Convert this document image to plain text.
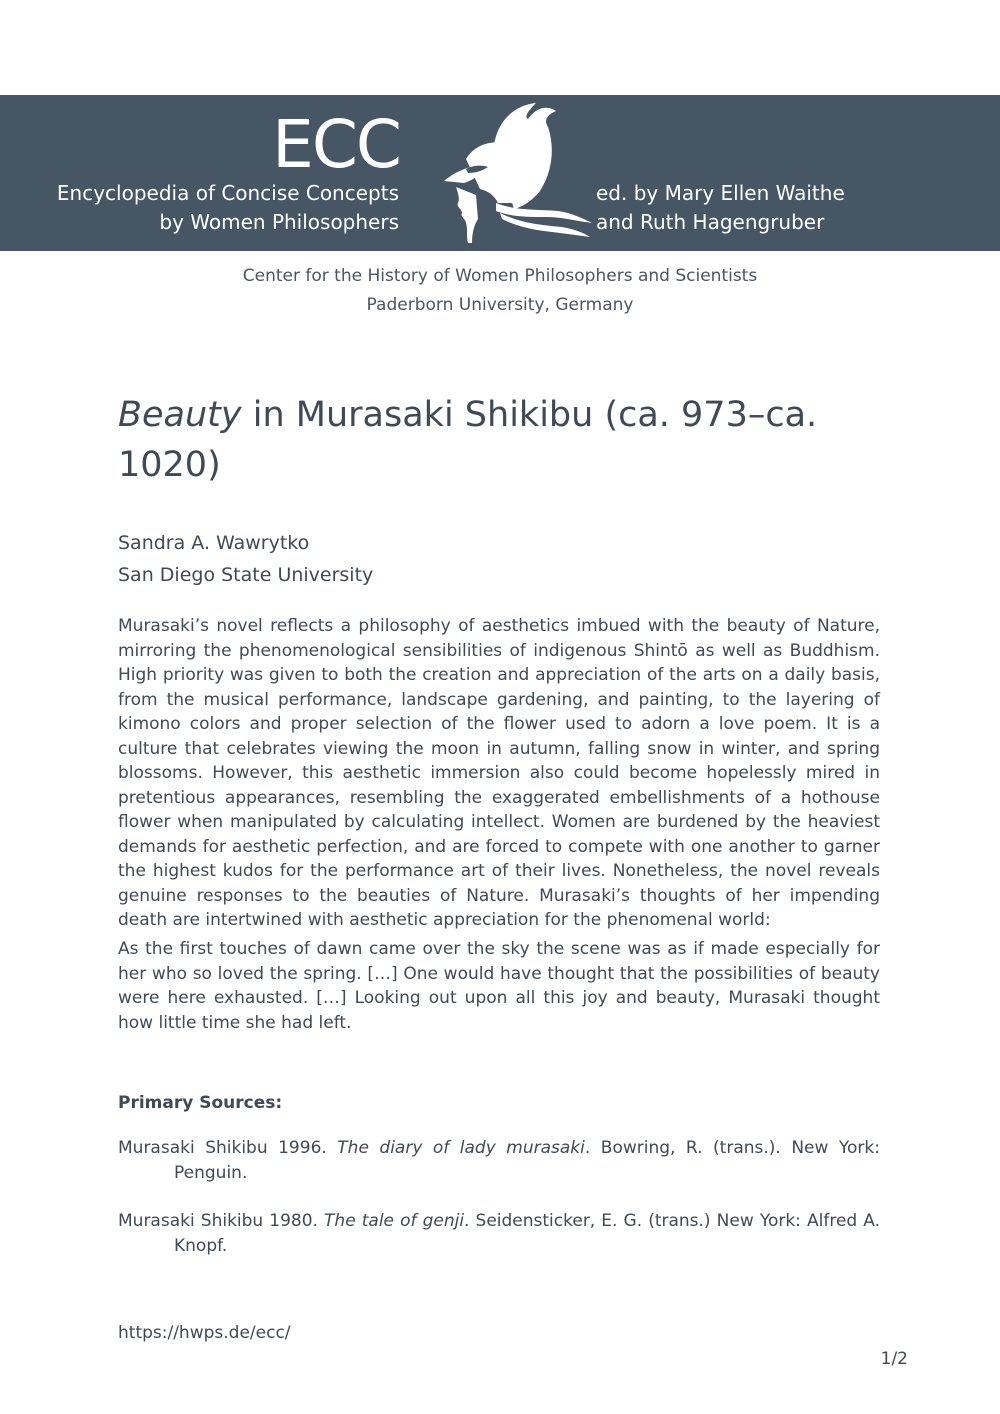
ECC
Encyclopedia of Concise Concepts
by Women Philosophers
ed. by Mary Ellen Waithe
and Ruth Hagengruber
Center for the History of Women Philosophers and Scientists
Paderborn University, Germany
Beauty in Murasaki Shikibu (ca. 973–ca. 1020)
Sandra A. Wawrytko
San Diego State University

Murasaki’s novel reflects a philosophy of aesthetics imbued with the beauty of Nature, mirroring the phenomenological sensibilities of indigenous Shintō as well as Buddhism. High priority was given to both the creation and appreciation of the arts on a daily basis, from the musical performance, landscape gardening, and painting, to the layering of kimono colors and proper selection of the flower used to adorn a love poem. It is a culture that celebrates viewing the moon in autumn, falling snow in winter, and spring blossoms. However, this aesthetic immersion also could become hopelessly mired in pretentious appearances, resembling the exaggerated embellishments of a hothouse flower when manipulated by calculating intellect. Women are burdened by the heaviest demands for aesthetic perfection, and are forced to compete with one another to garner the highest kudos for the performance art of their lives. Nonetheless, the novel reveals genuine responses to the beauties of Nature. Murasaki’s thoughts of her impending death are intertwined with aesthetic appreciation for the phenomenal world:

As the first touches of dawn came over the sky the scene was as if made especially for her who so loved the spring. […] One would have thought that the possibilities of beauty were here exhausted. […] Looking out upon all this joy and beauty, Murasaki thought how little time she had left.
Primary Sources:
Murasaki Shikibu 1996. The diary of lady murasaki. Bowring, R. (trans.). New York: Penguin.
Murasaki Shikibu 1980. The tale of genji. Seidensticker, E. G. (trans.) New York: Alfred A. Knopf.
https://hwps.de/ecc/
1/2
